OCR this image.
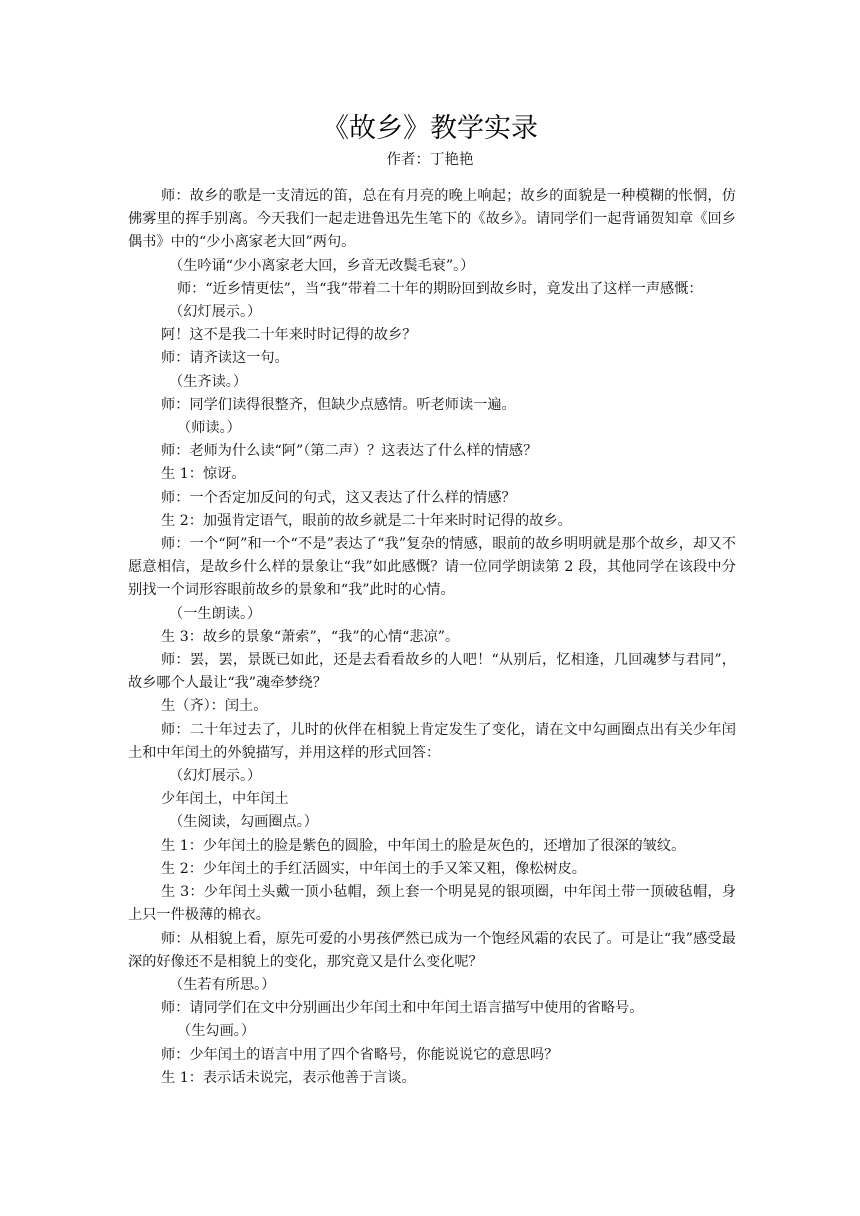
《故乡》教学实录
作者：丁艳艳

师：故乡的歌是一支清远的笛，总在有月亮的晚上响起；故乡的面貌是一种模糊的怅惘，仿佛雾里的挥手别离。今天我们一起走进鲁迅先生笔下的《故乡》。请同学们一起背诵贺知章《回乡偶书》中的“少小离家老大回”两句。

（生吟诵“少小离家老大回，乡音无改鬓毛衰”。）

师：“近乡情更怯”，当“我”带着二十年的期盼回到故乡时，竟发出了这样一声感慨：

（幻灯展示。）

阿！这不是我二十年来时时记得的故乡？

师：请齐读这一句。

（生齐读。）

师：同学们读得很整齐，但缺少点感情。听老师读一遍。

（师读。）

师：老师为什么读“阿”（第二声）？这表达了什么样的情感？

生 1：惊讶。

师：一个否定加反问的句式，这又表达了什么样的情感？

生 2：加强肯定语气，眼前的故乡就是二十年来时时记得的故乡。

师：一个“阿”和一个“不是”表达了“我”复杂的情感，眼前的故乡明明就是那个故乡，却又不愿意相信，是故乡什么样的景象让“我”如此感慨？请一位同学朗读第 2 段，其他同学在该段中分别找一个词形容眼前故乡的景象和“我”此时的心情。

（一生朗读。）

生 3：故乡的景象“萧索”，“我”的心情“悲凉”。

师：罢，罢，景既已如此，还是去看看故乡的人吧！“从别后，忆相逢，几回魂梦与君同”，故乡哪个人最让“我”魂牵梦绕？

生（齐）：闰土。

师：二十年过去了，儿时的伙伴在相貌上肯定发生了变化，请在文中勾画圈点出有关少年闰土和中年闰土的外貌描写，并用这样的形式回答：

（幻灯展示。）

少年闰土，中年闰土

（生阅读，勾画圈点。）

生 1：少年闰土的脸是紫色的圆脸，中年闰土的脸是灰色的，还增加了很深的皱纹。

生 2：少年闰土的手红活圆实，中年闰土的手又笨又粗，像松树皮。

生 3：少年闰土头戴一顶小毡帽，颈上套一个明晃晃的银项圈，中年闰土带一顶破毡帽，身上只一件极薄的棉衣。

师：从相貌上看，原先可爱的小男孩俨然已成为一个饱经风霜的农民了。可是让“我”感受最深的好像还不是相貌上的变化，那究竟又是什么变化呢？

（生若有所思。）

师：请同学们在文中分别画出少年闰土和中年闰土语言描写中使用的省略号。

（生勾画。）

师：少年闰土的语言中用了四个省略号，你能说说它的意思吗？

生 1：表示话未说完，表示他善于言谈。
